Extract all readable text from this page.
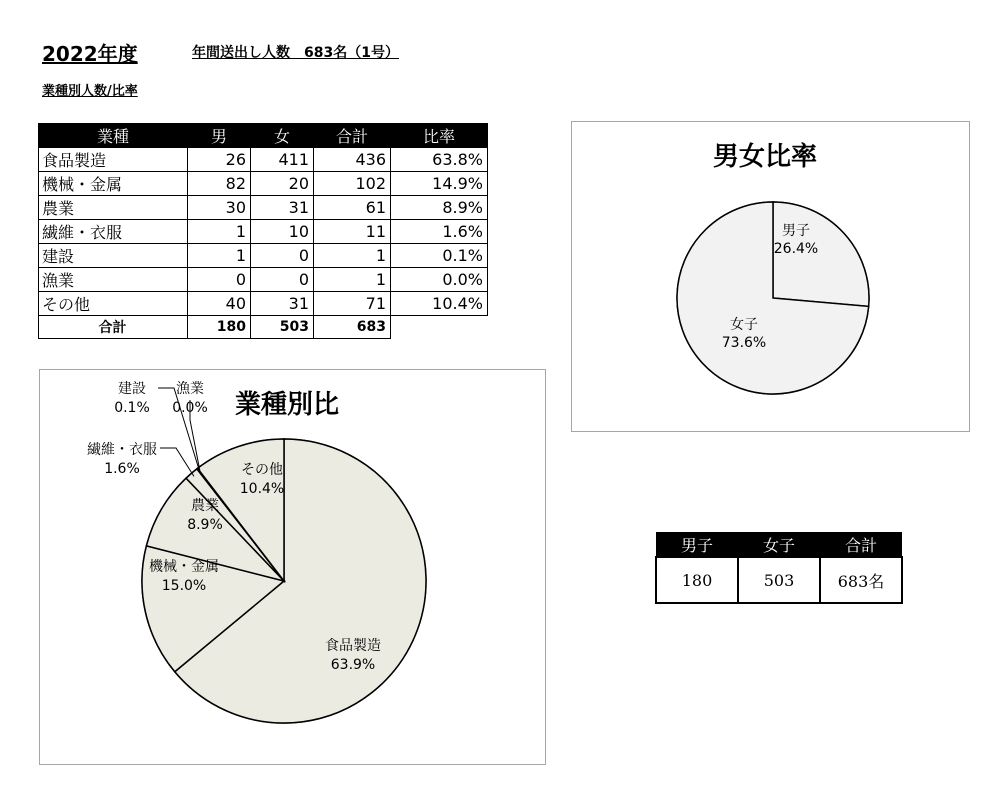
2022年度	年間送出し人数　683名（1号）
業種別人数/比率
業種	男	女	合計	比率
食品製造	26	411	436	63.8%
機械・金属	82	20	102	14.9%
農業	30	31	61	8.9%
繊維・衣服	1	10	11	1.6%
建設	1	0	1	0.1%
漁業	0	0	1	0.0%
その他	40	31	71	10.4%
合計	180	503	683	
男子
26.4%
女子
73.6%
男女比率
食品製造
63.9%
機械・金属
15.0%
農業
8.9%
繊維・衣服
1.6%
建設
0.1%
漁業
0.0%
その他
10.4%
業種別比
男子	女子	合計
180	503	683名
